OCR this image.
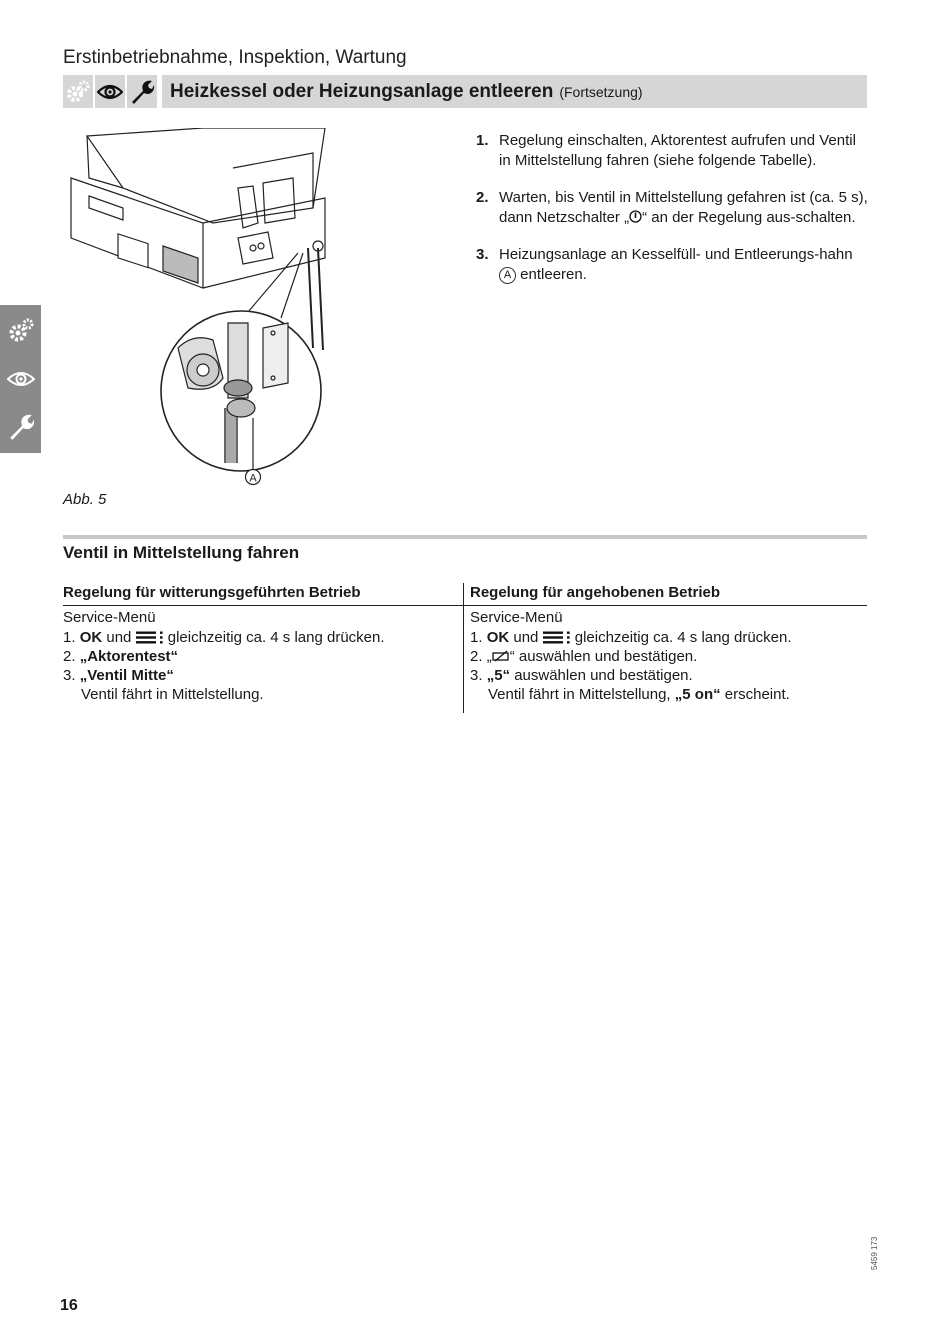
Erstinbetriebnahme, Inspektion, Wartung
Heizkessel oder Heizungsanlage entleeren (Fortsetzung)
A
Abb. 5
1. Regelung einschalten, Aktorentest aufrufen und Ventil in Mittelstellung fahren (siehe folgende Tabelle).
2. Warten, bis Ventil in Mittelstellung gefahren ist (ca. 5 s), dann Netzschalter „ “ an der Regelung aus-schalten.
3. Heizungsanlage an Kesselfüll- und Entleerungs-hahn A entleeren.
Ventil in Mittelstellung fahren
Regelung für witterungsgeführten Betrieb	Regelung für angehobenen Betrieb
Service-Menü
1. OK und  gleichzeitig ca. 4 s lang drücken.
2. „Aktorentest“
3. „Ventil Mitte“
Ventil fährt in Mittelstellung.
Service-Menü
1. OK und  gleichzeitig ca. 4 s lang drücken.
2. „ “ auswählen und bestätigen.
3. „5“ auswählen und bestätigen.
Ventil fährt in Mittelstellung, „5 on“ erscheint.
16
5459 173
